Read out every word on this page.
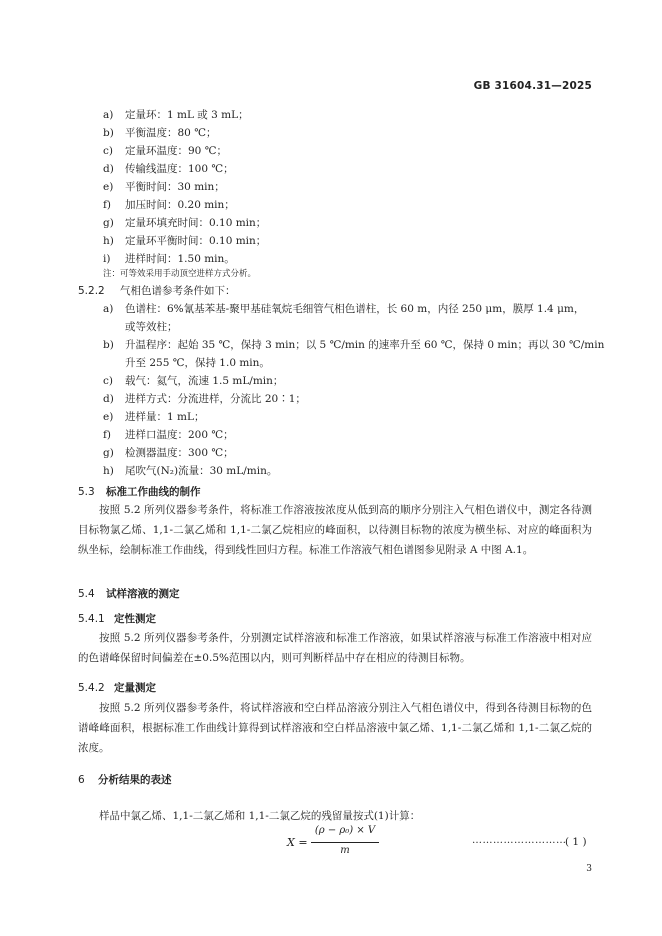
GB 31604.31—2025
a)	定量环：1 mL 或 3 mL；
b)	平衡温度：80 ℃；
c)	定量环温度：90 ℃；
d)	传输线温度：100 ℃；
e)	平衡时间：30 min；
f)	加压时间：0.20 min；
g)	定量环填充时间：0.10 min；
h)	定量环平衡时间：0.10 min；
i)	进样时间：1.50 min。
注：可等效采用手动顶空进样方式分析。
5.2.2 气相色谱参考条件如下：
a)	色谱柱：6%氰基苯基-聚甲基硅氧烷毛细管气相色谱柱，长 60 m，内径 250 μm，膜厚 1.4 μm，
或等效柱；
b)	升温程序：起始 35 ℃，保持 3 min；以 5 ℃/min 的速率升至 60 ℃，保持 0 min；再以 30 ℃/min
升至 255 ℃，保持 1.0 min。
c)	载气：氦气，流速 1.5 mL/min；
d)	进样方式：分流进样，分流比 20∶1；
e)	进样量：1 mL；
f)	进样口温度：200 ℃；
g)	检测器温度：300 ℃；
h)	尾吹气(N₂)流量：30 mL/min。
5.3 标准工作曲线的制作
按照 5.2 所列仪器参考条件，将标准工作溶液按浓度从低到高的顺序分别注入气相色谱仪中，测定各待测目标物氯乙烯、1,1-二氯乙烯和 1,1-二氯乙烷相应的峰面积，以待测目标物的浓度为横坐标、对应的峰面积为纵坐标，绘制标准工作曲线，得到线性回归方程。标准工作溶液气相色谱图参见附录 A 中图 A.1。
5.4 试样溶液的测定
5.4.1 定性测定
按照 5.2 所列仪器参考条件，分别测定试样溶液和标准工作溶液，如果试样溶液与标准工作溶液中相对应的色谱峰保留时间偏差在±0.5%范围以内，则可判断样品中存在相应的待测目标物。
5.4.2 定量测定
按照 5.2 所列仪器参考条件，将试样溶液和空白样品溶液分别注入气相色谱仪中，得到各待测目标物的色谱峰峰面积，根据标准工作曲线计算得到试样溶液和空白样品溶液中氯乙烯、1,1-二氯乙烯和 1,1-二氯乙烷的浓度。
6 分析结果的表述
样品中氯乙烯、1,1-二氯乙烯和 1,1-二氯乙烷的残留量按式(1)计算：
X =
(ρ − ρ₀) × V
m
………………………
( 1 )
3
